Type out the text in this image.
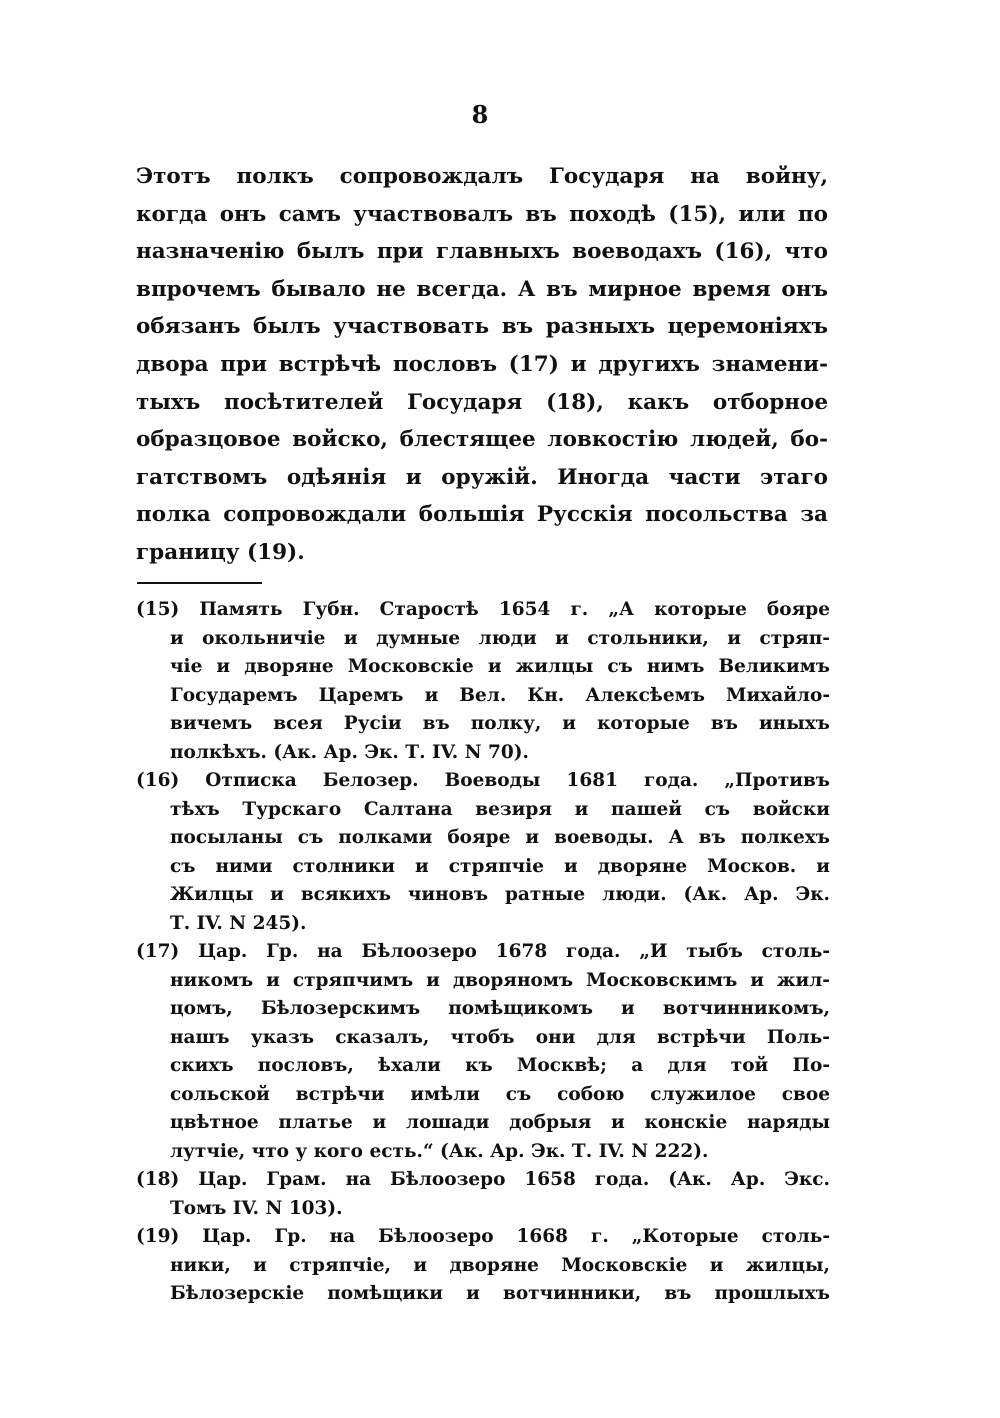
8
Этотъ полкъ сопровождалъ Государя на войну,
когда онъ самъ участвовалъ въ походѣ (15), или по
назначенію былъ при главныхъ воеводахъ (16), что
впрочемъ бывало не всегда. А въ мирное время онъ
обязанъ былъ участвовать въ разныхъ церемоніяхъ
двора при встрѣчѣ пословъ (17) и другихъ знамени-
тыхъ посѣтителей Государя (18), какъ отборное
образцовое войско, блестящее ловкостію людей, бо-
гатствомъ одѣянія и оружій. Иногда части этаго
полка сопровождали большія Русскія посольства за
границу (19).
(15) Память Губн. Старостѣ 1654 г. „А которые бояре
и окольничіе и думные люди и стольники, и стряп-
чіе и дворяне Московскіе и жилцы съ нимъ Великимъ
Государемъ Царемъ и Вел. Кн. Алексѣемъ Михайло-
вичемъ всея Русіи въ полку, и которые въ иныхъ
полкѣхъ. (Ак. Ар. Эк. Т. IV. N 70).
(16) Отписка Белозер. Воеводы 1681 года. „Противъ
тѣхъ Турскаго Салтана везиря и пашей съ войски
посыланы съ полками бояре и воеводы. А въ полкехъ
съ ними столники и стряпчіе и дворяне Москов. и
Жилцы и всякихъ чиновъ ратные люди. (Ак. Ар. Эк.
Т. IV. N 245).
(17) Цар. Гр. на Бѣлоозеро 1678 года. „И тыбъ столь-
никомъ и стряпчимъ и дворяномъ Московскимъ и жил-
цомъ, Бѣлозерскимъ помѣщикомъ и вотчинникомъ,
нашъ указъ сказалъ, чтобъ они для встрѣчи Поль-
скихъ пословъ, ѣхали къ Москвѣ; а для той По-
сольской встрѣчи имѣли съ собою служилое свое
цвѣтное платье и лошади добрыя и конскіе наряды
лутчіе, что у кого есть.“ (Ак. Ар. Эк. Т. IV. N 222).
(18) Цар. Грам. на Бѣлоозеро 1658 года. (Ак. Ар. Экс.
Томъ IV. N 103).
(19) Цар. Гр. на Бѣлоозеро 1668 г. „Которые столь-
ники, и стряпчіе, и дворяне Московскіе и жилцы,
Бѣлозерскіе помѣщики и вотчинники, въ прошлыхъ
